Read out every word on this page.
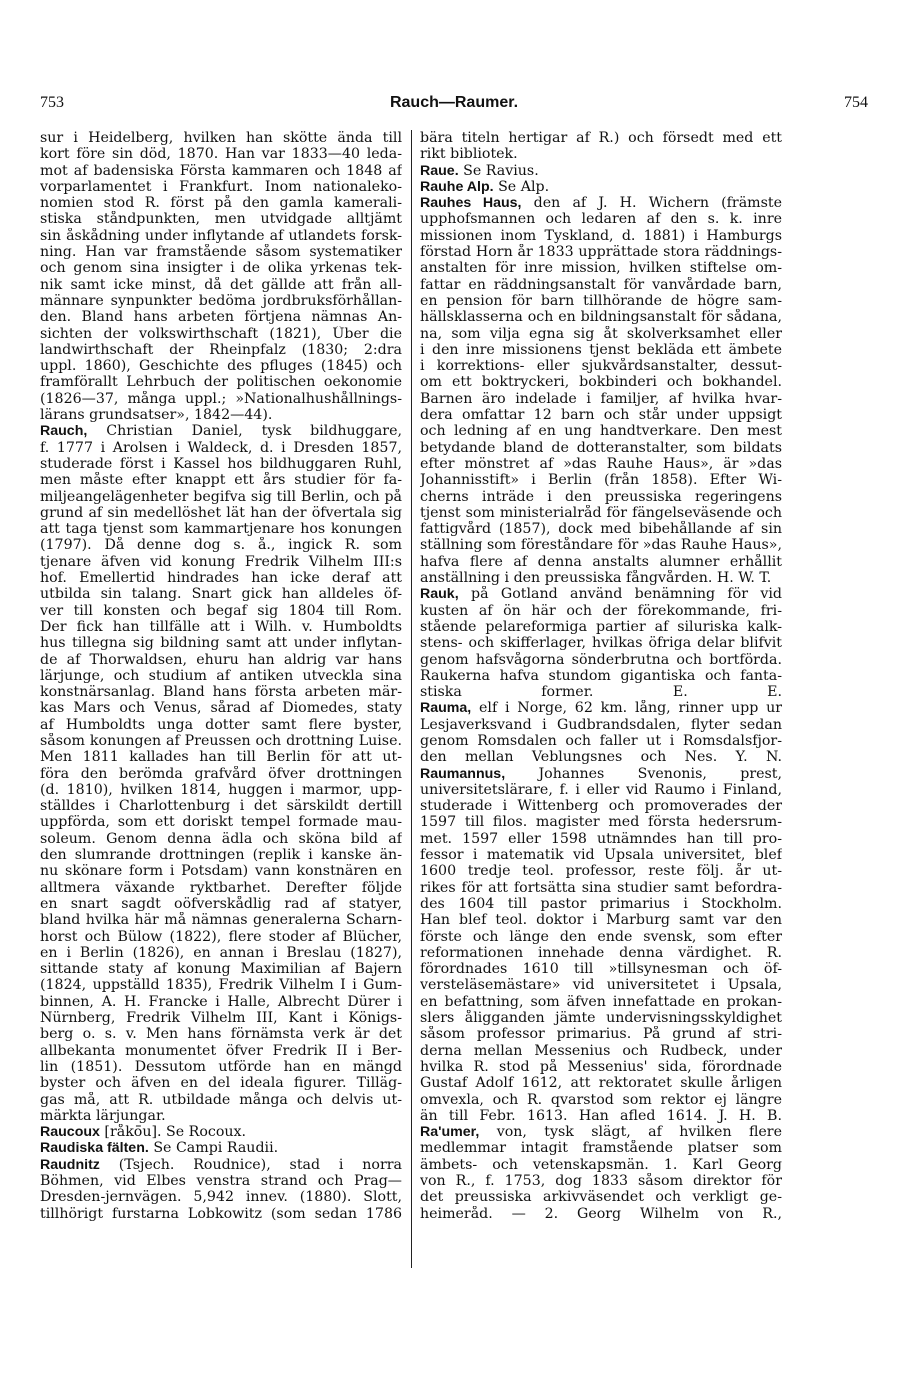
753	Rauch—Raumer.	754
sur i Heidelberg, hvilken han skötte ända till
kort före sin död, 1870. Han var 1833—40 leda-
mot af badensiska Första kammaren och 1848 af
vorparlamentet i Frankfurt. Inom nationaleko-
nomien stod R. först på den gamla kamerali-
stiska ståndpunkten, men utvidgade alltjämt
sin åskådning under inflytande af utlandets forsk-
ning. Han var framstående såsom systematiker
och genom sina insigter i de olika yrkenas tek-
nik samt icke minst, då det gällde att från all-
männare synpunkter bedöma jordbruksförhållan-
den. Bland hans arbeten förtjena nämnas An-
sichten der volkswirthschaft (1821), Über die
landwirthschaft der Rheinpfalz (1830; 2:dra
uppl. 1860), Geschichte des pfluges (1845) och
framförallt Lehrbuch der politischen oekonomie
(1826—37, många uppl.; »Nationalhushållnings-
lärans grundsatser», 1842—44).
Rauch, Christian Daniel, tysk bildhuggare,
f. 1777 i Arolsen i Waldeck, d. i Dresden 1857,
studerade först i Kassel hos bildhuggaren Ruhl,
men måste efter knappt ett års studier för fa-
miljeangelägenheter begifva sig till Berlin, och på
grund af sin medellöshet lät han der öfvertala sig
att taga tjenst som kammartjenare hos konungen
(1797). Då denne dog s. å., ingick R. som
tjenare äfven vid konung Fredrik Vilhelm III:s
hof. Emellertid hindrades han icke deraf att
utbilda sin talang. Snart gick han alldeles öf-
ver till konsten och begaf sig 1804 till Rom.
Der fick han tillfälle att i Wilh. v. Humboldts
hus tillegna sig bildning samt att under inflytan-
de af Thorwaldsen, ehuru han aldrig var hans
lärjunge, och studium af antiken utveckla sina
konstnärsanlag. Bland hans första arbeten mär-
kas Mars och Venus, sårad af Diomedes, staty
af Humboldts unga dotter samt flere byster,
såsom konungen af Preussen och drottning Luise.
Men 1811 kallades han till Berlin för att ut-
föra den berömda grafvård öfver drottningen
(d. 1810), hvilken 1814, huggen i marmor, upp-
ställdes i Charlottenburg i det särskildt dertill
uppförda, som ett doriskt tempel formade mau-
soleum. Genom denna ädla och sköna bild af
den slumrande drottningen (replik i kanske än-
nu skönare form i Potsdam) vann konstnären en
alltmera växande ryktbarhet. Derefter följde
en snart sagdt oöfverskådlig rad af statyer,
bland hvilka här må nämnas generalerna Scharn-
horst och Bülow (1822), flere stoder af Blücher,
en i Berlin (1826), en annan i Breslau (1827),
sittande staty af konung Maximilian af Bajern
(1824, uppställd 1835), Fredrik Vilhelm I i Gum-
binnen, A. H. Francke i Halle, Albrecht Dürer i
Nürnberg, Fredrik Vilhelm III, Kant i Königs-
berg o. s. v. Men hans förnämsta verk är det
allbekanta monumentet öfver Fredrik II i Ber-
lin (1851). Dessutom utförde han en mängd
byster och äfven en del ideala figurer. Tilläg-
gas må, att R. utbildade många och delvis ut-
märkta lärjungar.
Raucoux [råkō̄u]. Se Rocoux.
Raudiska fälten. Se Campi Raudii.
Raudnitz (Tsjech. Roudnice), stad i norra
Böhmen, vid Elbes venstra strand och Prag—
Dresden-jernvägen. 5,942 innev. (1880). Slott,
tillhörigt furstarna Lobkowitz (som sedan 1786
bära titeln hertigar af R.) och försedt med ett
rikt bibliotek.
Raue. Se Ravius.
Rauhe Alp. Se Alp.
Rauhes Haus, den af J. H. Wichern (främste
upphofsmannen och ledaren af den s. k. inre
missionen inom Tyskland, d. 1881) i Hamburgs
förstad Horn år 1833 upprättade stora räddnings-
anstalten för inre mission, hvilken stiftelse om-
fattar en räddningsanstalt för vanvårdade barn,
en pension för barn tillhörande de högre sam-
hällsklasserna och en bildningsanstalt för sådana,
na, som vilja egna sig åt skolverksamhet eller
i den inre missionens tjenst bekläda ett ämbete
i korrektions- eller sjukvårdsanstalter, dessut-
om ett boktryckeri, bokbinderi och bokhandel.
Barnen äro indelade i familjer, af hvilka hvar-
dera omfattar 12 barn och står under uppsigt
och ledning af en ung handtverkare. Den mest
betydande bland de dotteranstalter, som bildats
efter mönstret af »das Rauhe Haus», är »das
Johannisstift» i Berlin (från 1858). Efter Wi-
cherns inträde i den preussiska regeringens
tjenst som ministerialråd för fängelseväsende och
fattigvård (1857), dock med bibehållande af sin
ställning som föreståndare för »das Rauhe Haus»,
hafva flere af denna anstalts alumner erhållit
anställning i den preussiska fångvården. H. W. T.
Rauk, på Gotland använd benämning för vid
kusten af ön här och der förekommande, fri-
stående pelareformiga partier af siluriska kalk-
stens- och skifferlager, hvilkas öfriga delar blifvit
genom hafsvågorna sönderbrutna och bortförda.
Raukerna hafva stundom gigantiska och fanta-
stiska former. E. E.
Rauma, elf i Norge, 62 km. lång, rinner upp ur
Lesjaverksvand i Gudbrandsdalen, flyter sedan
genom Romsdalen och faller ut i Romsdalsfjor-
den mellan Veblungsnes och Nes. Y. N.
Raumannus, Johannes Svenonis, prest,
universitetslärare, f. i eller vid Raumo i Finland,
studerade i Wittenberg och promoverades der
1597 till filos. magister med första hedersrum-
met. 1597 eller 1598 utnämndes han till pro-
fessor i matematik vid Upsala universitet, blef
1600 tredje teol. professor, reste följ. år ut-
rikes för att fortsätta sina studier samt befordra-
des 1604 till pastor primarius i Stockholm.
Han blef teol. doktor i Marburg samt var den
förste och länge den ende svensk, som efter
reformationen innehade denna värdighet. R.
förordnades 1610 till »tillsynesman och öf-
versteläsemästare» vid universitetet i Upsala,
en befattning, som äfven innefattade en prokan-
slers åligganden jämte undervisningsskyldighet
såsom professor primarius. På grund af stri-
derna mellan Messenius och Rudbeck, under
hvilka R. stod på Messenius' sida, förordnade
Gustaf Adolf 1612, att rektoratet skulle årligen
omvexla, och R. qvarstod som rektor ej längre
än till Febr. 1613. Han afled 1614. J. H. B.
Ra'umer, von, tysk slägt, af hvilken flere
medlemmar intagit framstående platser som
ämbets- och vetenskapsmän. 1. Karl Georg
von R., f. 1753, dog 1833 såsom direktor för
det preussiska arkivväsendet och verkligt ge-
heimeråd. — 2. Georg Wilhelm von R.,
